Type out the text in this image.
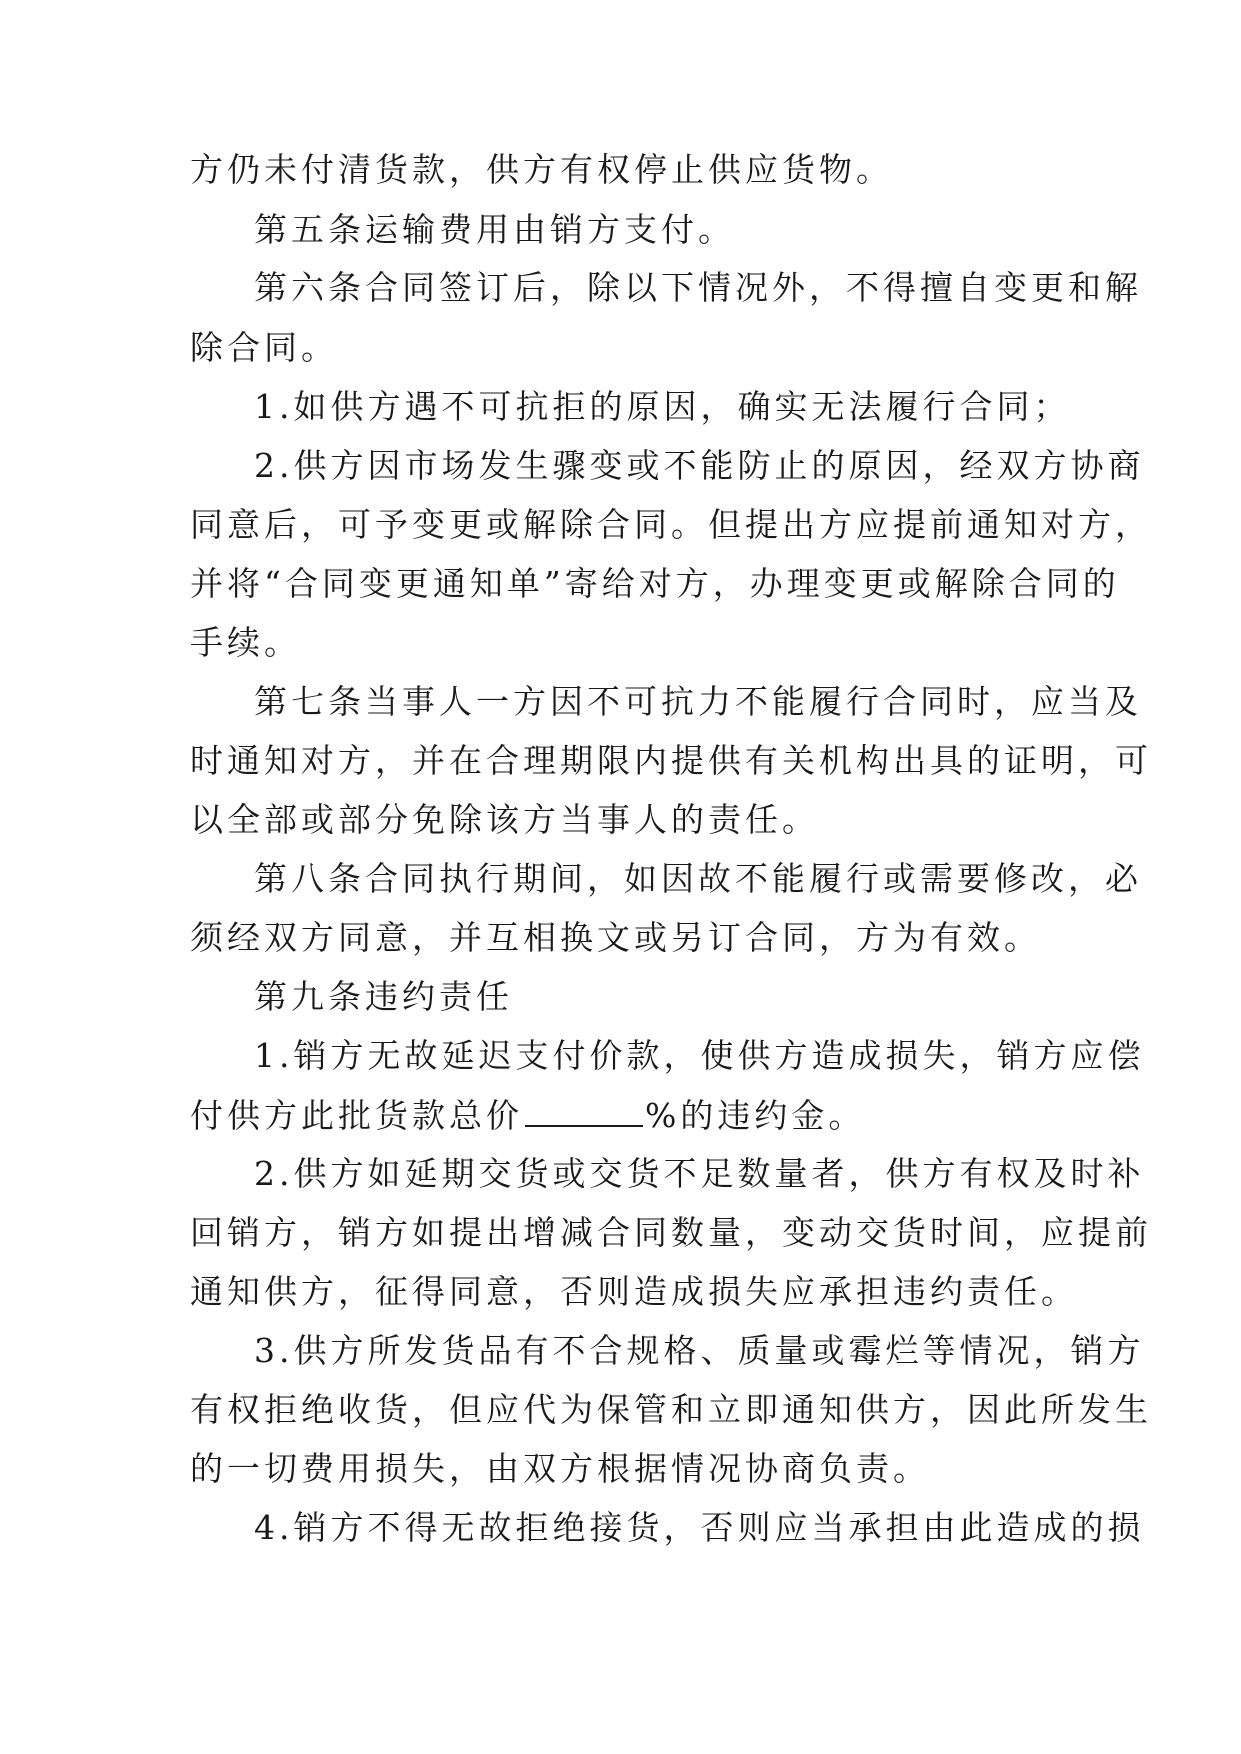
方仍未付清货款，供方有权停止供应货物。
第五条运输费用由销方支付。
第六条合同签订后，除以下情况外，不得擅自变更和解
除合同。
1.如供方遇不可抗拒的原因，确实无法履行合同；
2.供方因市场发生骤变或不能防止的原因，经双方协商
同意后，可予变更或解除合同。但提出方应提前通知对方，
并将“合同变更通知单”寄给对方，办理变更或解除合同的
手续。
第七条当事人一方因不可抗力不能履行合同时，应当及
时通知对方，并在合理期限内提供有关机构出具的证明，可
以全部或部分免除该方当事人的责任。
第八条合同执行期间，如因故不能履行或需要修改，必
须经双方同意，并互相换文或另订合同，方为有效。
第九条违约责任
1.销方无故延迟支付价款，使供方造成损失，销方应偿
付供方此批货款总价	%的违约金。
2.供方如延期交货或交货不足数量者，供方有权及时补
回销方，销方如提出增减合同数量，变动交货时间，应提前
通知供方，征得同意，否则造成损失应承担违约责任。
3.供方所发货品有不合规格、质量或霉烂等情况，销方
有权拒绝收货，但应代为保管和立即通知供方，因此所发生
的一切费用损失，由双方根据情况协商负责。
4.销方不得无故拒绝接货，否则应当承担由此造成的损
